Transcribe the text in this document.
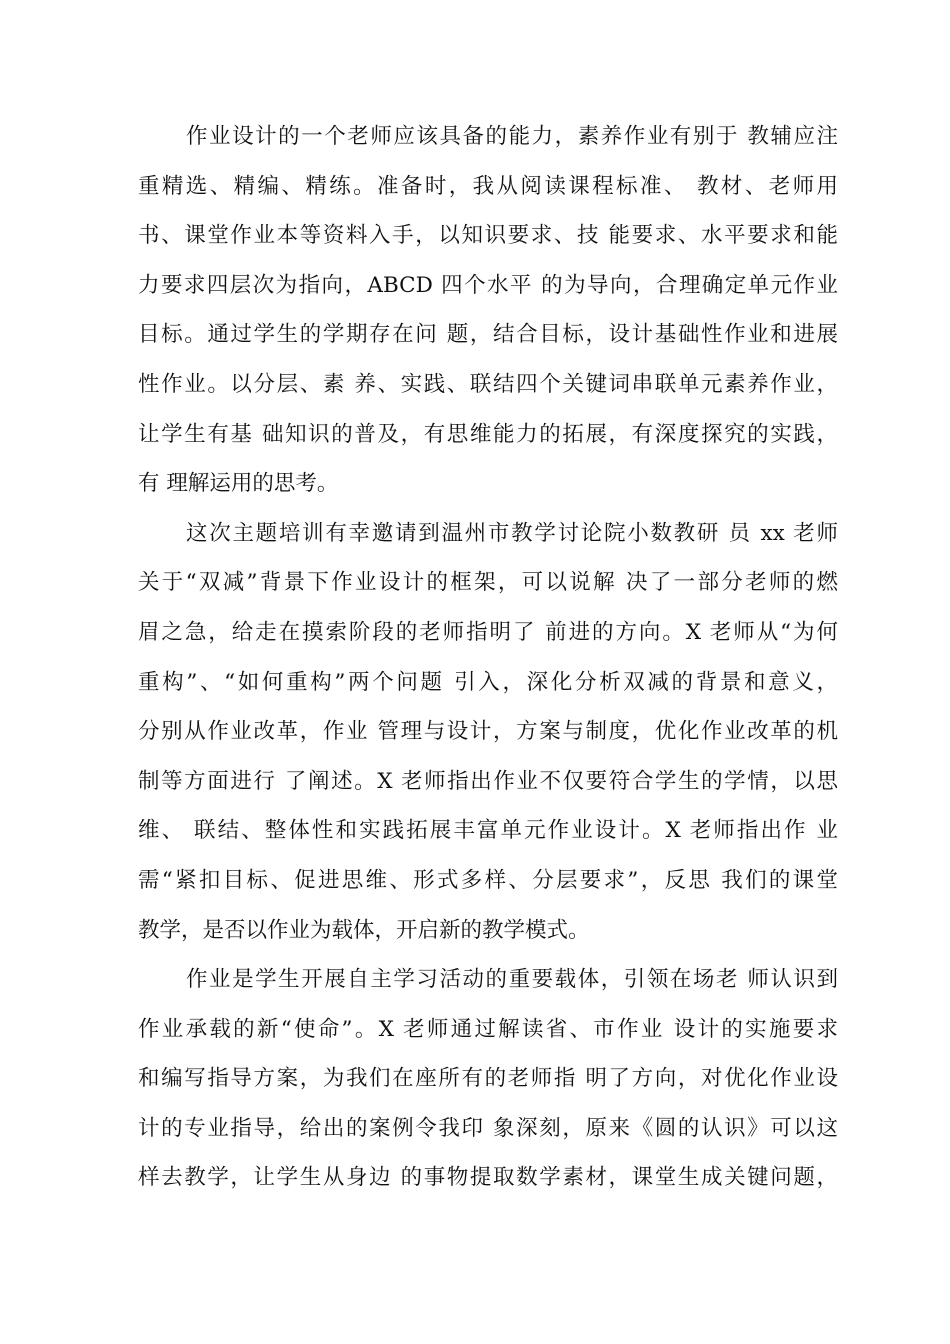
作业设计的一个老师应该具备的能力，素养作业有别于 教辅应注
重精选、精编、精练。准备时，我从阅读课程标准、 教材、老师用
书、课堂作业本等资料入手，以知识要求、技 能要求、水平要求和能
力要求四层次为指向，ABCD 四个水平 的为导向，合理确定单元作业
目标。通过学生的学期存在问 题，结合目标，设计基础性作业和进展
性作业。以分层、素 养、实践、联结四个关键词串联单元素养作业，
让学生有基 础知识的普及，有思维能力的拓展，有深度探究的实践，
有 理解运用的思考。
这次主题培训有幸邀请到温州市教学讨论院小数教研 员 xx 老师
关于“双减”背景下作业设计的框架，可以说解 决了一部分老师的燃
眉之急，给走在摸索阶段的老师指明了 前进的方向。X 老师从“为何
重构”、“如何重构”两个问题 引入，深化分析双减的背景和意义，
分别从作业改革，作业 管理与设计，方案与制度，优化作业改革的机
制等方面进行 了阐述。X 老师指出作业不仅要符合学生的学情，以思
维、 联结、整体性和实践拓展丰富单元作业设计。X 老师指出作 业
需“紧扣目标、促进思维、形式多样、分层要求”，反思 我们的课堂
教学，是否以作业为载体，开启新的教学模式。
作业是学生开展自主学习活动的重要载体，引领在场老 师认识到
作业承载的新“使命”。X 老师通过解读省、市作业 设计的实施要求
和编写指导方案，为我们在座所有的老师指 明了方向，对优化作业设
计的专业指导，给出的案例令我印 象深刻，原来《圆的认识》可以这
样去教学，让学生从身边 的事物提取数学素材，课堂生成关键问题，
